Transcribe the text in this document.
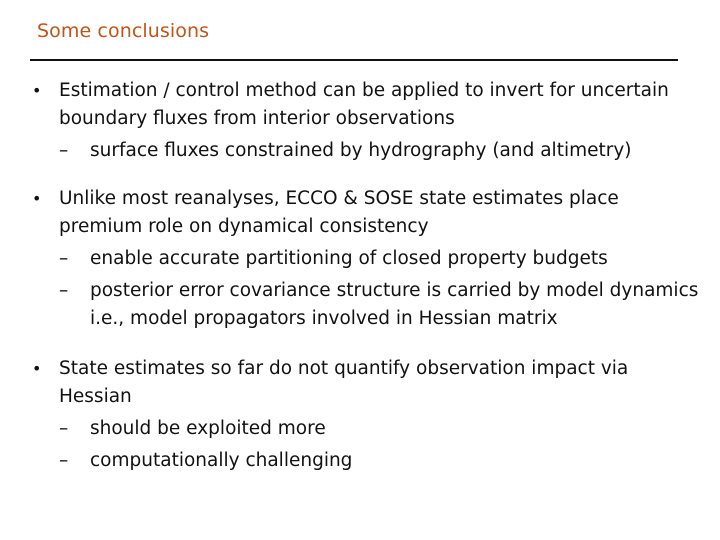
Some conclusions
• Estimation / control method can be applied to invert for uncertain boundary fluxes from interior observations
– surface fluxes constrained by hydrography (and altimetry)
• Unlike most reanalyses, ECCO & SOSE state estimates place premium role on dynamical consistency
– enable accurate partitioning of closed property budgets
– posterior error covariance structure is carried by model dynamics i.e., model propagators involved in Hessian matrix
• State estimates so far do not quantify observation impact via Hessian
– should be exploited more
– computationally challenging
